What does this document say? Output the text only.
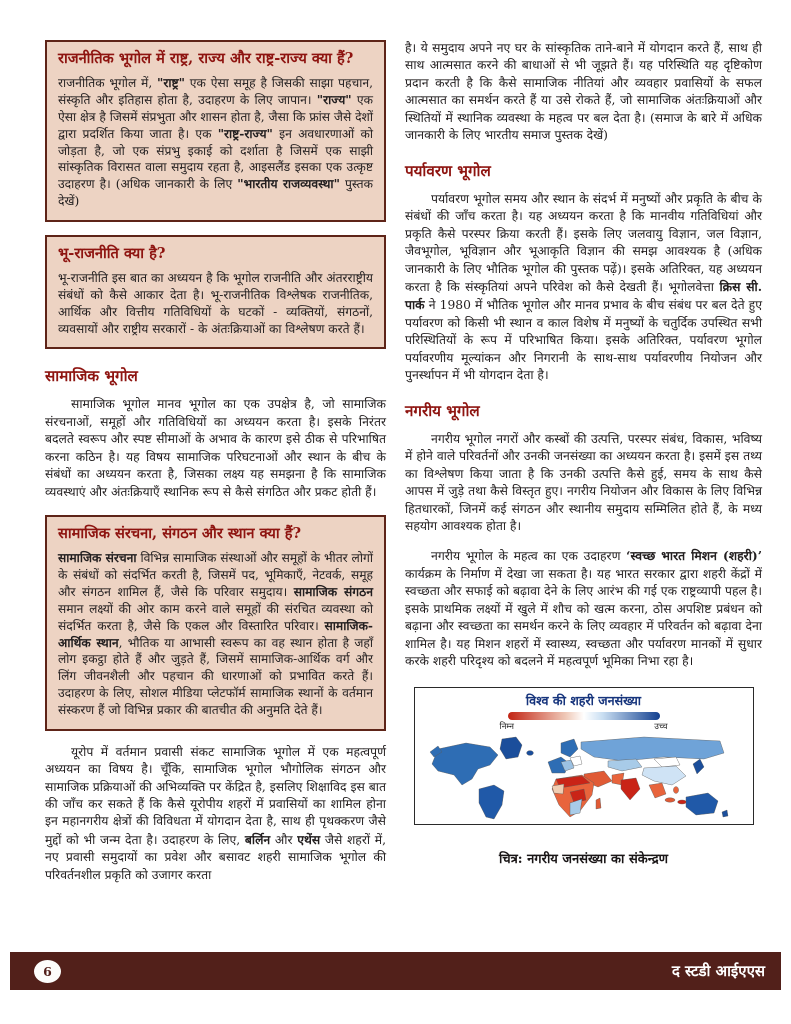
राजनीतिक भूगोल में राष्ट्र, राज्य और राष्ट्र-राज्य क्या हैं?

राजनीतिक भूगोल में, "राष्ट्र" एक ऐसा समूह है जिसकी साझा पहचान, संस्कृति और इतिहास होता है, उदाहरण के लिए जापान। "राज्य" एक ऐसा क्षेत्र है जिसमें संप्रभुता और शासन होता है, जैसा कि फ्रांस जैसे देशों द्वारा प्रदर्शित किया जाता है। एक "राष्ट्र-राज्य" इन अवधारणाओं को जोड़ता है, जो एक संप्रभु इकाई को दर्शाता है जिसमें एक साझी सांस्कृतिक विरासत वाला समुदाय रहता है, आइसलैंड इसका एक उत्कृष्ट उदाहरण है। (अधिक जानकारी के लिए "भारतीय राजव्यवस्था" पुस्तक देखें)

भू-राजनीति क्या है?

भू-राजनीति इस बात का अध्ययन है कि भूगोल राजनीति और अंतरराष्ट्रीय संबंधों को कैसे आकार देता है। भू-राजनीतिक विश्लेषक राजनीतिक, आर्थिक और वित्तीय गतिविधियों के घटकों - व्यक्तियों, संगठनों, व्यवसायों और राष्ट्रीय सरकारों - के अंतःक्रियाओं का विश्लेषण करते हैं।

सामाजिक भूगोल

सामाजिक भूगोल मानव भूगोल का एक उपक्षेत्र है, जो सामाजिक संरचनाओं, समूहों और गतिविधियों का अध्ययन करता है। इसके निरंतर बदलते स्वरूप और स्पष्ट सीमाओं के अभाव के कारण इसे ठीक से परिभाषित करना कठिन है। यह विषय सामाजिक परिघटनाओं और स्थान के बीच के संबंधों का अध्ययन करता है, जिसका लक्ष्य यह समझना है कि सामाजिक व्यवस्थाएं और अंतःक्रियाएँ स्थानिक रूप से कैसे संगठित और प्रकट होती हैं।

सामाजिक संरचना, संगठन और स्थान क्या हैं?

सामाजिक संरचना विभिन्न सामाजिक संस्थाओं और समूहों के भीतर लोगों के संबंधों को संदर्भित करती है, जिसमें पद, भूमिकाएँ, नेटवर्क, समूह और संगठन शामिल हैं, जैसे कि परिवार समुदाय। सामाजिक संगठन समान लक्ष्यों की ओर काम करने वाले समूहों की संरचित व्यवस्था को संदर्भित करता है, जैसे कि एकल और विस्तारित परिवार। सामाजिक-आर्थिक स्थान, भौतिक या आभासी स्वरूप का वह स्थान होता है जहाँ लोग इकट्ठा होते हैं और जुड़ते हैं, जिसमें सामाजिक-आर्थिक वर्ग और लिंग जीवनशैली और पहचान की धारणाओं को प्रभावित करते हैं। उदाहरण के लिए, सोशल मीडिया प्लेटफॉर्म सामाजिक स्थानों के वर्तमान संस्करण हैं जो विभिन्न प्रकार की बातचीत की अनुमति देते हैं।

यूरोप में वर्तमान प्रवासी संकट सामाजिक भूगोल में एक महत्वपूर्ण अध्ययन का विषय है। चूँकि, सामाजिक भूगोल भौगोलिक संगठन और सामाजिक प्रक्रियाओं की अभिव्यक्ति पर केंद्रित है, इसलिए शिक्षाविद इस बात की जाँच कर सकते हैं कि कैसे यूरोपीय शहरों में प्रवासियों का शामिल होना इन महानगरीय क्षेत्रों की विविधता में योगदान देता है, साथ ही पृथक्करण जैसे मुद्दों को भी जन्म देता है। उदाहरण के लिए, बर्लिन और एथेंस जैसे शहरों में, नए प्रवासी समुदायों का प्रवेश और बसावट शहरी सामाजिक भूगोल की परिवर्तनशील प्रकृति को उजागर करता

है। ये समुदाय अपने नए घर के सांस्कृतिक ताने-बाने में योगदान करते हैं, साथ ही साथ आत्मसात करने की बाधाओं से भी जूझते हैं। यह परिस्थिति यह दृष्टिकोण प्रदान करती है कि कैसे सामाजिक नीतियां और व्यवहार प्रवासियों के सफल आत्मसात का समर्थन करते हैं या उसे रोकते हैं, जो सामाजिक अंतःक्रियाओं और स्थितियों में स्थानिक व्यवस्था के महत्व पर बल देता है। (समाज के बारे में अधिक जानकारी के लिए भारतीय समाज पुस्तक देखें)

पर्यावरण भूगोल

पर्यावरण भूगोल समय और स्थान के संदर्भ में मनुष्यों और प्रकृति के बीच के संबंधों की जाँच करता है। यह अध्ययन करता है कि मानवीय गतिविधियां और प्रकृति कैसे परस्पर क्रिया करती हैं। इसके लिए जलवायु विज्ञान, जल विज्ञान, जैवभूगोल, भूविज्ञान और भूआकृति विज्ञान की समझ आवश्यक है (अधिक जानकारी के लिए भौतिक भूगोल की पुस्तक पढ़ें)। इसके अतिरिक्त, यह अध्ययन करता है कि संस्कृतियां अपने परिवेश को कैसे देखती हैं। भूगोलवेत्ता क्रिस सी. पार्क ने 1980 में भौतिक भूगोल और मानव प्रभाव के बीच संबंध पर बल देते हुए पर्यावरण को किसी भी स्थान व काल विशेष में मनुष्यों के चतुर्दिक उपस्थित सभी परिस्थितियों के रूप में परिभाषित किया। इसके अतिरिक्त, पर्यावरण भूगोल पर्यावरणीय मूल्यांकन और निगरानी के साथ-साथ पर्यावरणीय नियोजन और पुनर्स्थापन में भी योगदान देता है।

नगरीय भूगोल

नगरीय भूगोल नगरों और कस्बों की उत्पत्ति, परस्पर संबंध, विकास, भविष्य में होने वाले परिवर्तनों और उनकी जनसंख्या का अध्ययन करता है। इसमें इस तथ्य का विश्लेषण किया जाता है कि उनकी उत्पत्ति कैसे हुई, समय के साथ कैसे आपस में जुड़े तथा कैसे विस्तृत हुए। नगरीय नियोजन और विकास के लिए विभिन्न हितधारकों, जिनमें कई संगठन और स्थानीय समुदाय सम्मिलित होते हैं, के मध्य सहयोग आवश्यक होता है।

नगरीय भूगोल के महत्व का एक उदाहरण ‘स्वच्छ भारत मिशन (शहरी)’ कार्यक्रम के निर्माण में देखा जा सकता है। यह भारत सरकार द्वारा शहरी केंद्रों में स्वच्छता और सफाई को बढ़ावा देने के लिए आरंभ की गई एक राष्ट्रव्यापी पहल है। इसके प्राथमिक लक्ष्यों में खुले में शौच को खत्म करना, ठोस अपशिष्ट प्रबंधन को बढ़ाना और स्वच्छता का समर्थन करने के लिए व्यवहार में परिवर्तन को बढ़ावा देना शामिल है। यह मिशन शहरों में स्वास्थ्य, स्वच्छता और पर्यावरण मानकों में सुधार करके शहरी परिदृश्य को बदलने में महत्वपूर्ण भूमिका निभा रहा है।

विश्व की शहरी जनसंख्या
निम्न	उच्च
चित्र: नगरीय जनसंख्या का संकेन्द्रण
6	द स्टडी आईएएस
